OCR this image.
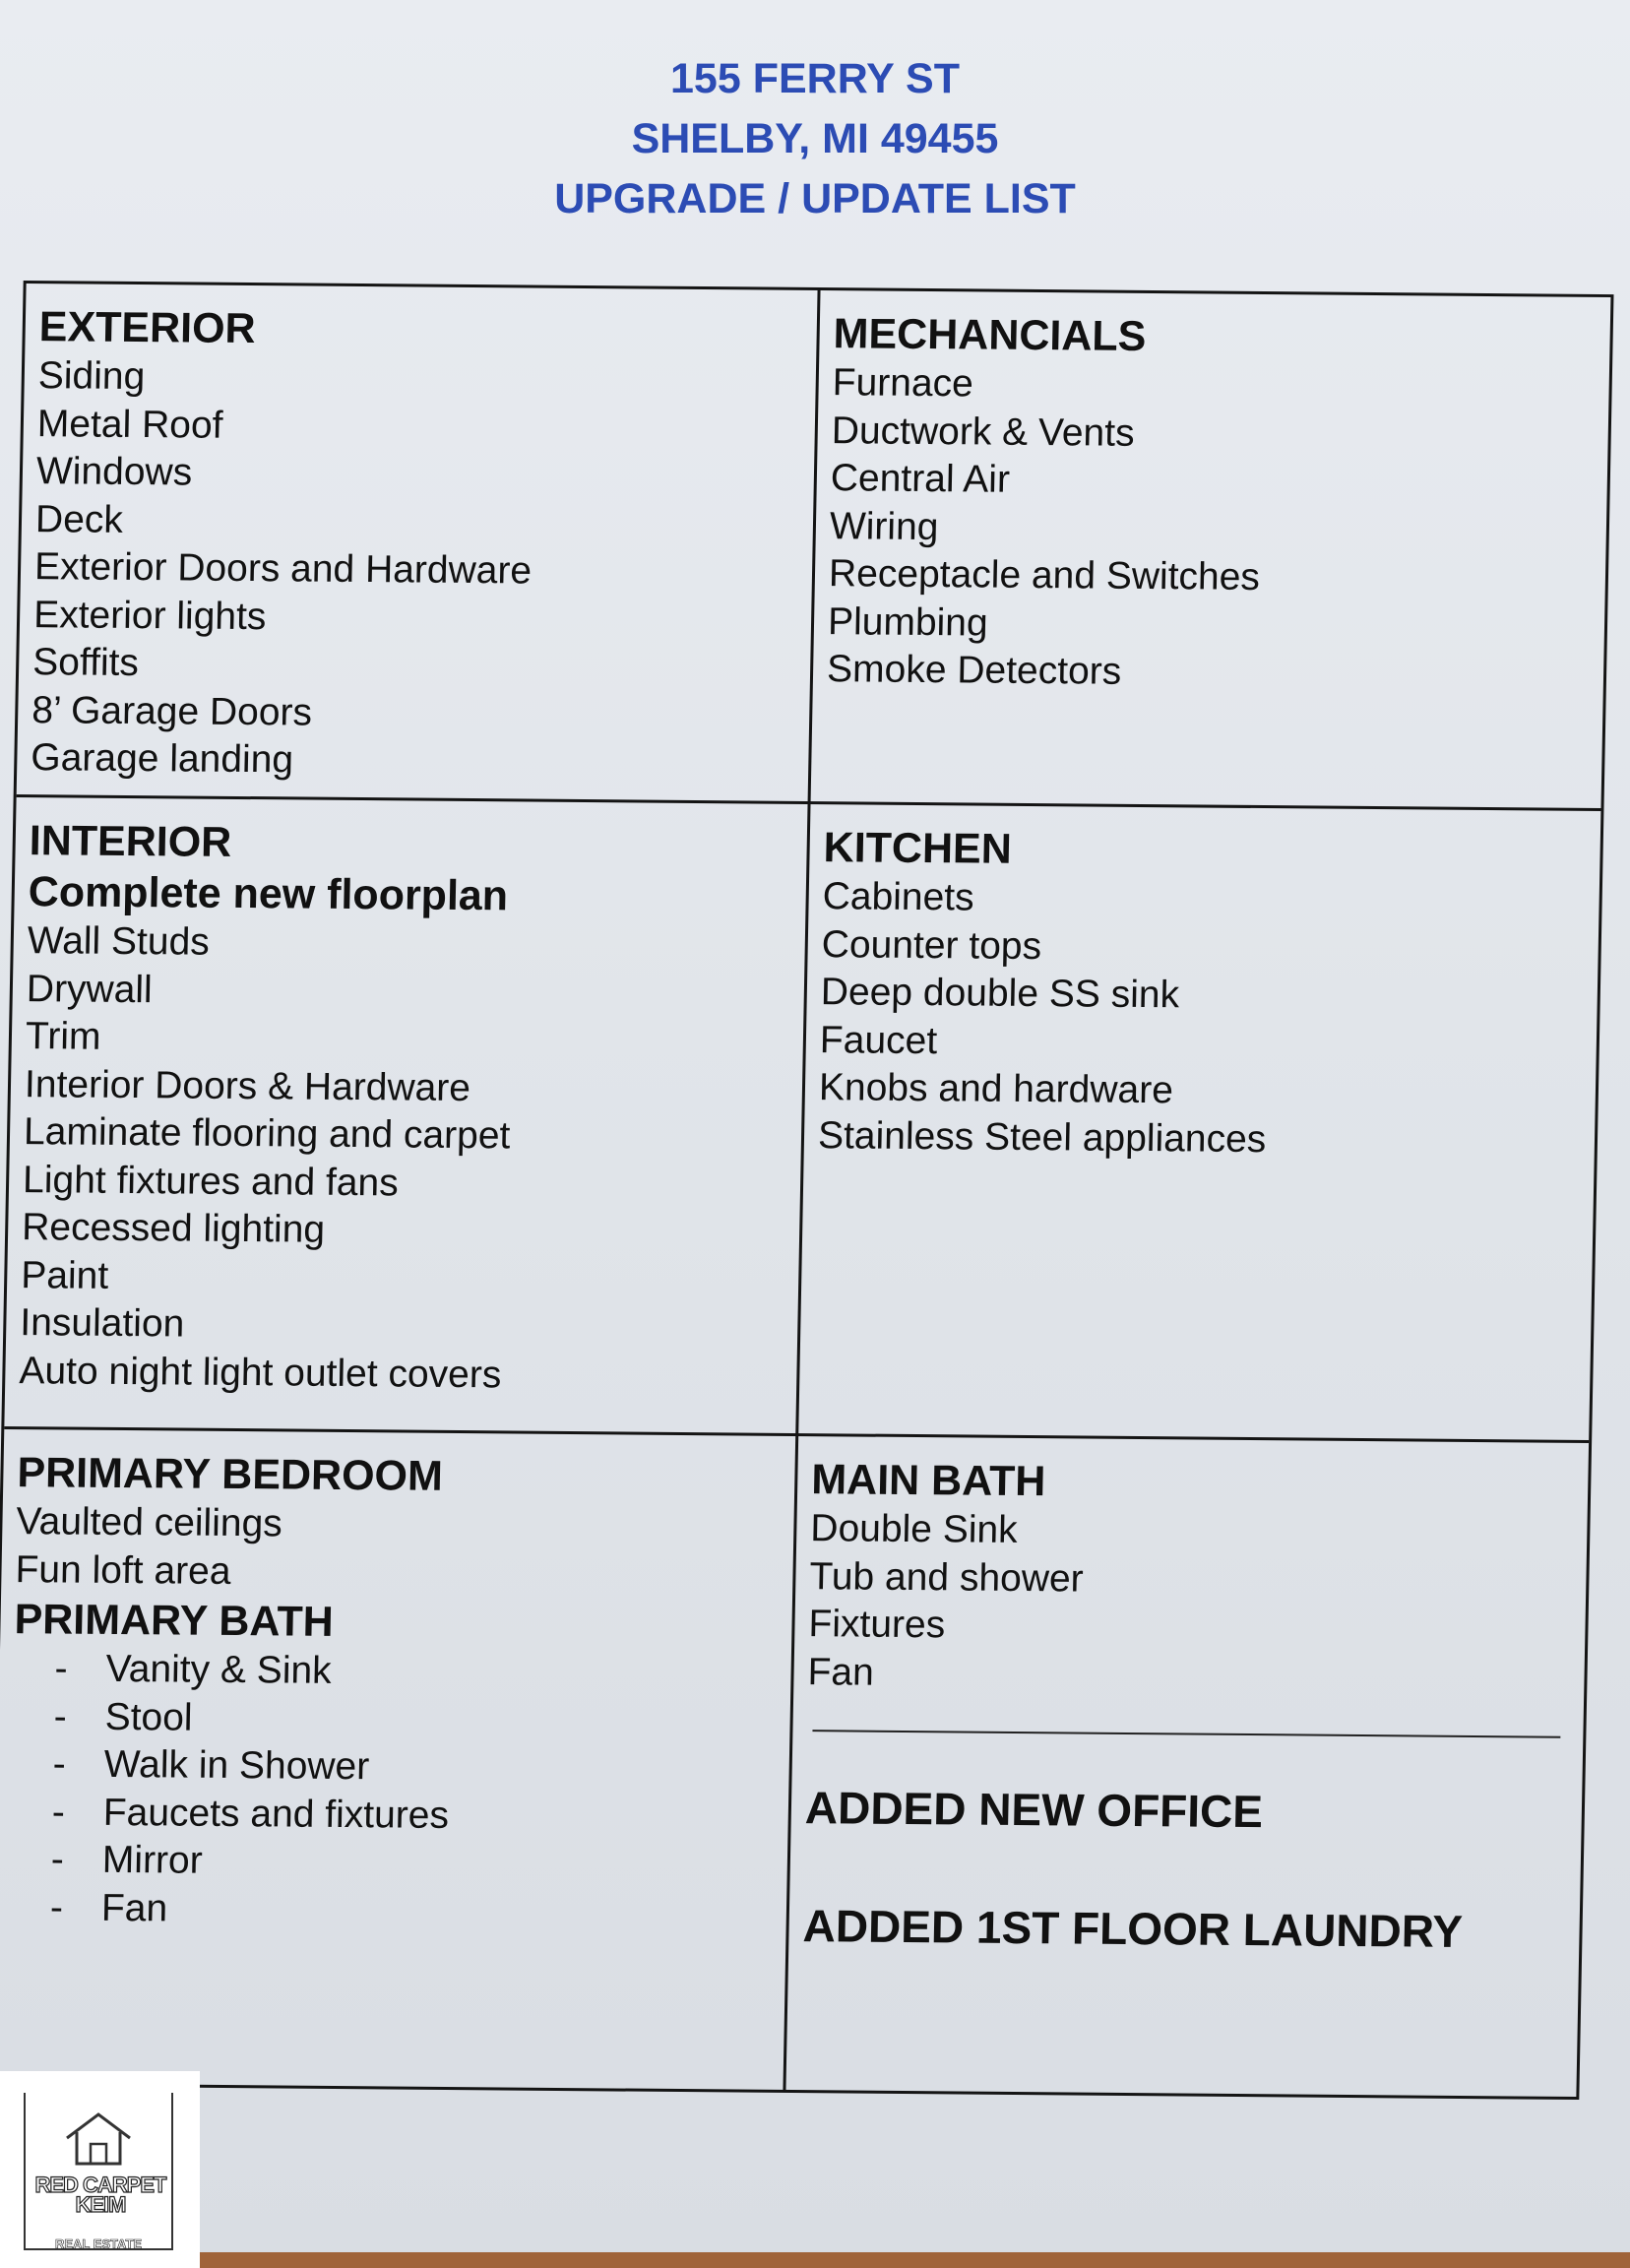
155 FERRY ST
SHELBY, MI 49455
UPGRADE / UPDATE LIST
EXTERIOR
Siding
Metal Roof
Windows
Deck
Exterior Doors and Hardware
Exterior lights
Soffits
8’ Garage Doors
Garage landing
MECHANCIALS
Furnace
Ductwork & Vents
Central Air
Wiring
Receptacle and Switches
Plumbing
Smoke Detectors
INTERIOR
Complete new floorplan
Wall Studs
Drywall
Trim
Interior Doors & Hardware
Laminate flooring and carpet
Light fixtures and fans
Recessed lighting
Paint
Insulation
Auto night light outlet covers
KITCHEN
Cabinets
Counter tops
Deep double SS sink
Faucet
Knobs and hardware
Stainless Steel appliances
PRIMARY BEDROOM
Vaulted ceilings
Fun loft area
PRIMARY BATH
- Vanity & Sink
- Stool
- Walk in Shower
- Faucets and fixtures
- Mirror
- Fan
MAIN BATH
Double Sink
Tub and shower
Fixtures
Fan
ADDED NEW OFFICE
ADDED 1ST FLOOR LAUNDRY
RED CARPET
KEIM
REAL ESTATE
